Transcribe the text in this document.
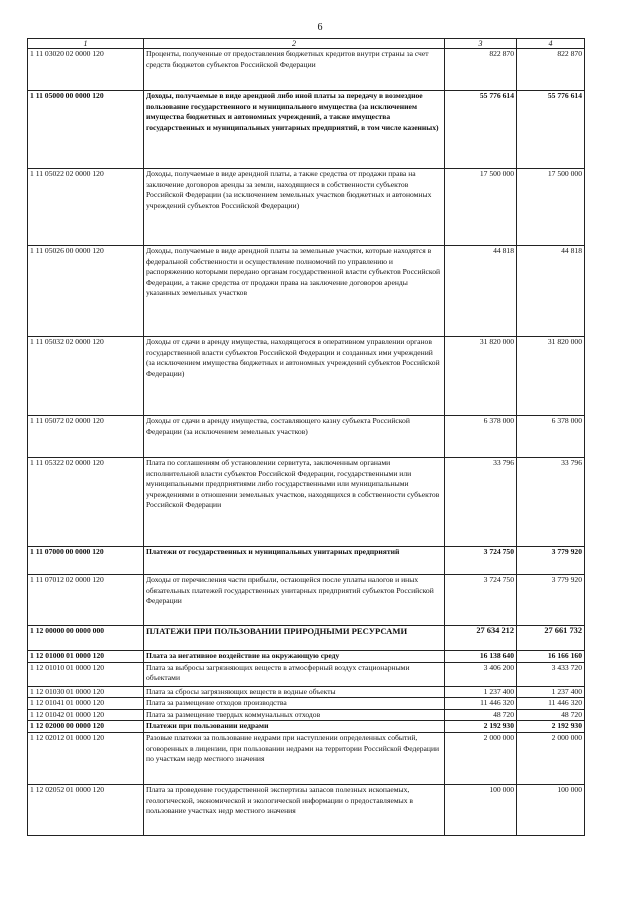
6
1	2	3	4
1 11 03020 02 0000 120	Проценты, полученные от предоставления бюджетных кредитов внутри страны за счет средств бюджетов субъектов Российской Федерации	822 870	822 870
1 11 05000 00 0000 120	Доходы, получаемые в виде арендной либо иной платы за передачу в возмездное пользование государственного и муниципального имущества (за исключением имущества бюджетных и автономных учреждений, а также имущества государственных и муниципальных унитарных предприятий, в том числе казенных)	55 776 614	55 776 614
1 11 05022 02 0000 120	Доходы, получаемые в виде арендной платы, а также средства от продажи права на заключение договоров аренды за земли, находящиеся в собственности субъектов Российской Федерации (за исключением земельных участков бюджетных и автономных учреждений субъектов Российской Федерации)	17 500 000	17 500 000
1 11 05026 00 0000 120	Доходы, получаемые в виде арендной платы за земельные участки, которые находятся в федеральной собственности и осуществление полномочий по управлению и распоряжению которыми передано органам государственной власти субъектов Российской Федерации, а также средства от продажи права на заключение договоров аренды указанных земельных участков	44 818	44 818
1 11 05032 02 0000 120	Доходы от сдачи в аренду имущества, находящегося в оперативном управлении органов государственной власти субъектов Российской Федерации и созданных ими учреждений (за исключением имущества бюджетных и автономных учреждений субъектов Российской Федерации)	31 820 000	31 820 000
1 11 05072 02 0000 120	Доходы от сдачи в аренду имущества, составляющего казну субъекта Российской Федерации (за исключением земельных участков)	6 378 000	6 378 000
1 11 05322 02 0000 120	Плата по соглашениям об установлении сервитута, заключенным органами исполнительной власти субъектов Российской Федерации, государственными или муниципальными предприятиями либо государственными или муниципальными учреждениями в отношении земельных участков, находящихся в собственности субъектов Российской Федерации	33 796	33 796
1 11 07000 00 0000 120	Платежи от государственных и муниципальных унитарных предприятий	3 724 750	3 779 920
1 11 07012 02 0000 120	Доходы от перечисления части прибыли, остающейся после уплаты налогов и иных обязательных платежей государственных унитарных предприятий субъектов Российской Федерации	3 724 750	3 779 920
1 12 00000 00 0000 000	ПЛАТЕЖИ ПРИ ПОЛЬЗОВАНИИ ПРИРОДНЫМИ РЕСУРСАМИ	27 634 212	27 661 732
1 12 01000 01 0000 120	Плата за негативное воздействие на окружающую среду	16 138 640	16 166 160
1 12 01010 01 0000 120	Плата за выбросы загрязняющих веществ в атмосферный воздух стационарными объектами	3 406 200	3 433 720
1 12 01030 01 0000 120	Плата за сбросы загрязняющих веществ в водные объекты	1 237 400	1 237 400
1 12 01041 01 0000 120	Плата за размещение отходов производства	11 446 320	11 446 320
1 12 01042 01 0000 120	Плата за размещение твердых коммунальных отходов	48 720	48 720
1 12 02000 00 0000 120	Платежи при пользовании недрами	2 192 930	2 192 930
1 12 02012 01 0000 120	Разовые платежи за пользование недрами при наступлении определенных событий, оговоренных в лицензии, при пользовании недрами на территории Российской Федерации по участкам недр местного значения	2 000 000	2 000 000
1 12 02052 01 0000 120	Плата за проведение государственной экспертизы запасов полезных ископаемых, геологической, экономической и экологической информации о предоставляемых в пользование участках недр местного значения	100 000	100 000
